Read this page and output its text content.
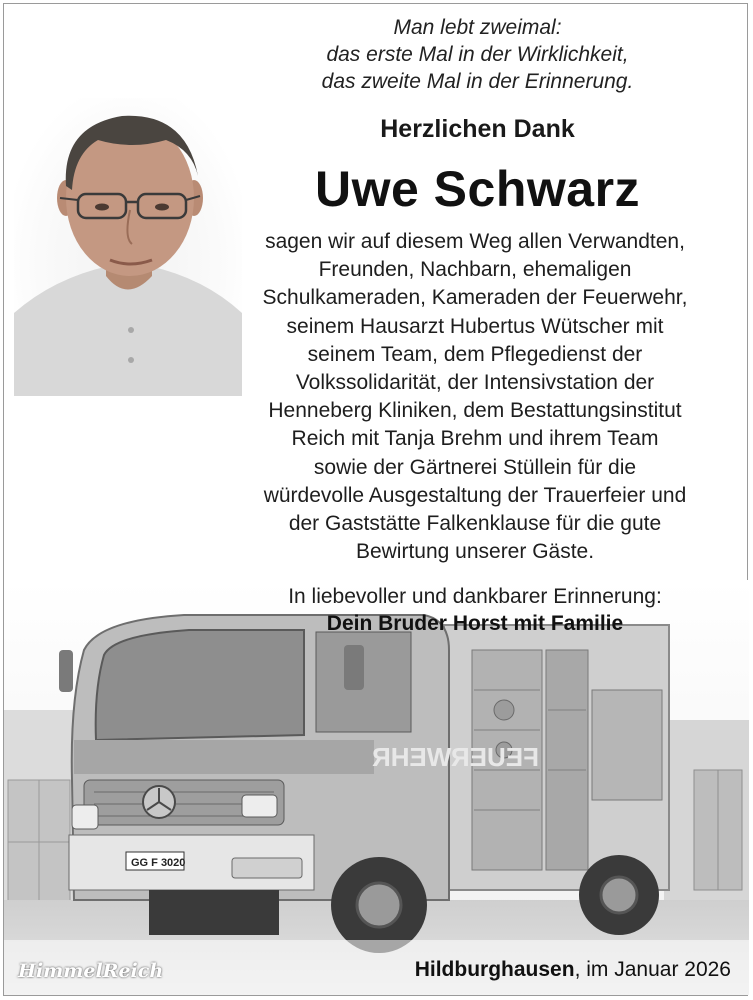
Man lebt zweimal:
das erste Mal in der Wirklichkeit,
das zweite Mal in der Erinnerung.
Herzlichen Dank
Uwe Schwarz
sagen wir auf diesem Weg allen Verwandten,
Freunden, Nachbarn, ehemaligen
Schulkameraden, Kameraden der Feuerwehr,
seinem Hausarzt Hubertus Wütscher mit
seinem Team, dem Pflegedienst der
Volkssolidarität, der Intensivstation der
Henneberg Kliniken, dem Bestattungsinstitut
Reich mit Tanja Brehm und ihrem Team
sowie der Gärtnerei Stüllein für die
würdevolle Ausgestaltung der Trauerfeier und
der Gaststätte Falkenklause für die gute
Bewirtung unserer Gäste.
FEUERWEHR
GG F 3020
In liebevoller und dankbarer Erinnerung:
Dein Bruder Horst mit Familie
HimmelReich	Hildburghausen, im Januar 2026
